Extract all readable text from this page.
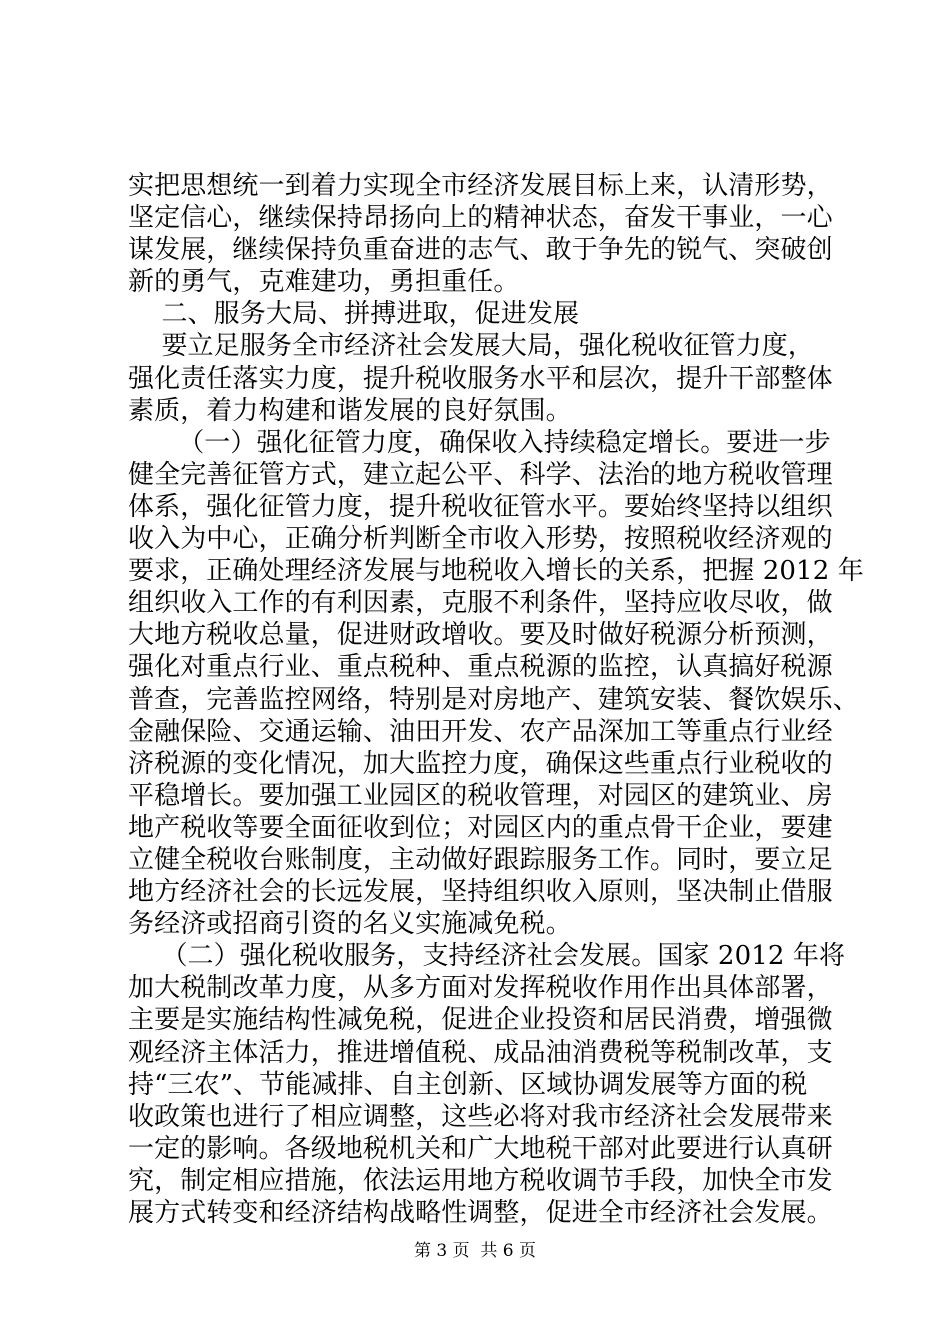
实把思想统一到着力实现全市经济发展目标上来，认清形势，
坚定信心，继续保持昂扬向上的精神状态，奋发干事业，一心
谋发展，继续保持负重奋进的志气、敢于争先的锐气、突破创
新的勇气，克难建功，勇担重任。
二、服务大局、拼搏进取，促进发展
要立足服务全市经济社会发展大局，强化税收征管力度，
强化责任落实力度，提升税收服务水平和层次，提升干部整体
素质，着力构建和谐发展的良好氛围。
（一）强化征管力度，确保收入持续稳定增长。要进一步
健全完善征管方式，建立起公平、科学、法治的地方税收管理
体系，强化征管力度，提升税收征管水平。要始终坚持以组织
收入为中心，正确分析判断全市收入形势，按照税收经济观的
要求，正确处理经济发展与地税收入增长的关系，把握 2012 年
组织收入工作的有利因素，克服不利条件，坚持应收尽收，做
大地方税收总量，促进财政增收。要及时做好税源分析预测，
强化对重点行业、重点税种、重点税源的监控，认真搞好税源
普查，完善监控网络，特别是对房地产、建筑安装、餐饮娱乐、
金融保险、交通运输、油田开发、农产品深加工等重点行业经
济税源的变化情况，加大监控力度，确保这些重点行业税收的
平稳增长。要加强工业园区的税收管理，对园区的建筑业、房
地产税收等要全面征收到位；对园区内的重点骨干企业，要建
立健全税收台账制度，主动做好跟踪服务工作。同时，要立足
地方经济社会的长远发展，坚持组织收入原则，坚决制止借服
务经济或招商引资的名义实施减免税。
（二）强化税收服务，支持经济社会发展。国家 2012 年将
加大税制改革力度，从多方面对发挥税收作用作出具体部署，
主要是实施结构性减免税，促进企业投资和居民消费，增强微
观经济主体活力，推进增值税、成品油消费税等税制改革，支
持“三农”、节能减排、自主创新、区域协调发展等方面的税
收政策也进行了相应调整，这些必将对我市经济社会发展带来
一定的影响。各级地税机关和广大地税干部对此要进行认真研
究，制定相应措施，依法运用地方税收调节手段，加快全市发
展方式转变和经济结构战略性调整，促进全市经济社会发展。
第 3 页  共 6 页
